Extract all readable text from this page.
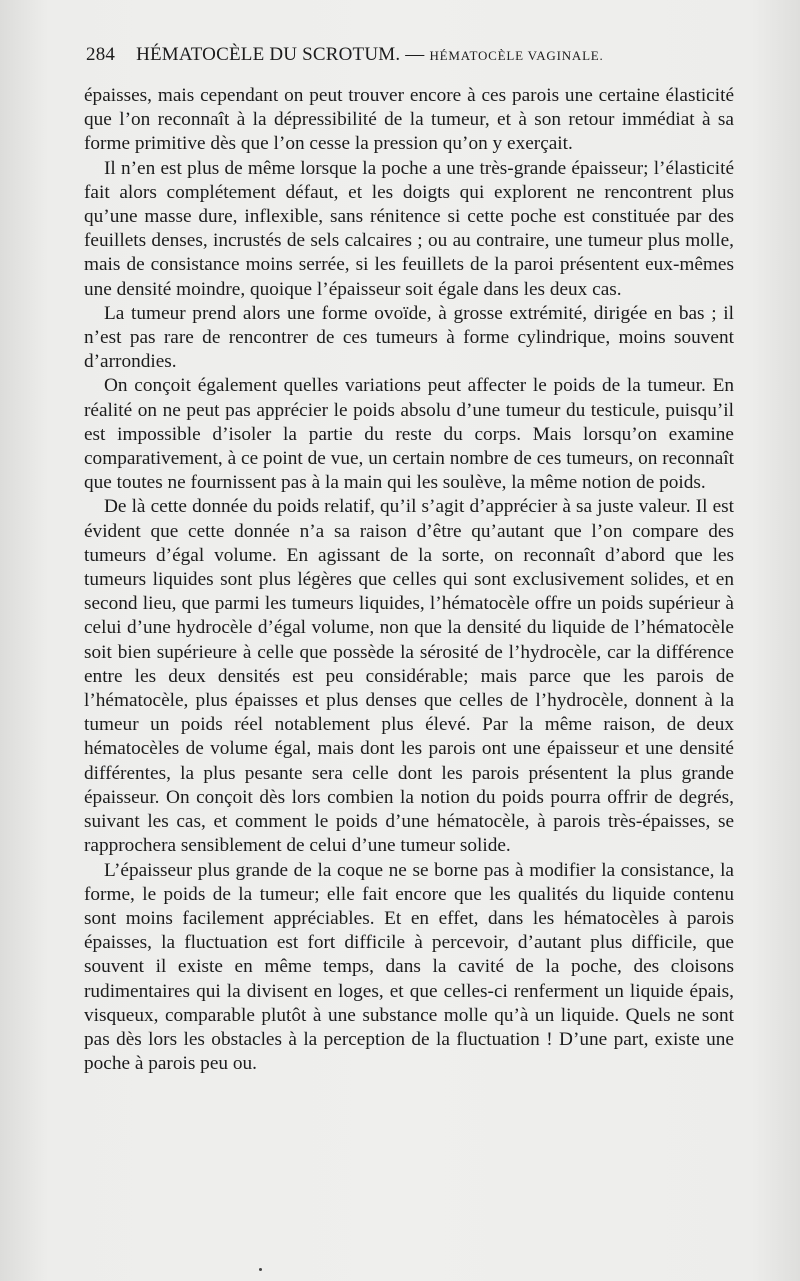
284 HÉMATOCÈLE DU SCROTUM. — HÉMATOCÈLE VAGINALE.

épaisses, mais cependant on peut trouver encore à ces parois une certaine élasticité que l’on reconnaît à la dépressibilité de la tumeur, et à son retour immédiat à sa forme primitive dès que l’on cesse la pression qu’on y exerçait.

Il n’en est plus de même lorsque la poche a une très-grande épaisseur; l’élasticité fait alors complétement défaut, et les doigts qui explorent ne rencontrent plus qu’une masse dure, inflexible, sans rénitence si cette poche est constituée par des feuillets denses, incrustés de sels calcaires ; ou au contraire, une tumeur plus molle, mais de consistance moins serrée, si les feuillets de la paroi présentent eux-mêmes une densité moindre, quoique l’épaisseur soit égale dans les deux cas.

La tumeur prend alors une forme ovoïde, à grosse extrémité, dirigée en bas ; il n’est pas rare de rencontrer de ces tumeurs à forme cylindrique, moins souvent d’arrondies.

On conçoit également quelles variations peut affecter le poids de la tumeur. En réalité on ne peut pas apprécier le poids absolu d’une tumeur du testicule, puisqu’il est impossible d’isoler la partie du reste du corps. Mais lorsqu’on examine comparativement, à ce point de vue, un certain nombre de ces tumeurs, on reconnaît que toutes ne fournissent pas à la main qui les soulève, la même notion de poids.

De là cette donnée du poids relatif, qu’il s’agit d’apprécier à sa juste valeur. Il est évident que cette donnée n’a sa raison d’être qu’autant que l’on compare des tumeurs d’égal volume. En agissant de la sorte, on reconnaît d’abord que les tumeurs liquides sont plus légères que celles qui sont exclusivement solides, et en second lieu, que parmi les tumeurs liquides, l’hématocèle offre un poids supérieur à celui d’une hydrocèle d’égal volume, non que la densité du liquide de l’hématocèle soit bien supérieure à celle que possède la sérosité de l’hydrocèle, car la différence entre les deux densités est peu considérable; mais parce que les parois de l’hématocèle, plus épaisses et plus denses que celles de l’hydrocèle, donnent à la tumeur un poids réel notablement plus élevé. Par la même raison, de deux hématocèles de volume égal, mais dont les parois ont une épaisseur et une densité différentes, la plus pesante sera celle dont les parois présentent la plus grande épaisseur. On conçoit dès lors combien la notion du poids pourra offrir de degrés, suivant les cas, et comment le poids d’une hématocèle, à parois très-épaisses, se rapprochera sensiblement de celui d’une tumeur solide.

L’épaisseur plus grande de la coque ne se borne pas à modifier la consistance, la forme, le poids de la tumeur; elle fait encore que les qualités du liquide contenu sont moins facilement appréciables. Et en effet, dans les hématocèles à parois épaisses, la fluctuation est fort difficile à percevoir, d’autant plus difficile, que souvent il existe en même temps, dans la cavité de la poche, des cloisons rudimentaires qui la divisent en loges, et que celles-ci renferment un liquide épais, visqueux, comparable plutôt à une substance molle qu’à un liquide. Quels ne sont pas dès lors les obstacles à la perception de la fluctuation ! D’une part, existe une poche à parois peu ou.
